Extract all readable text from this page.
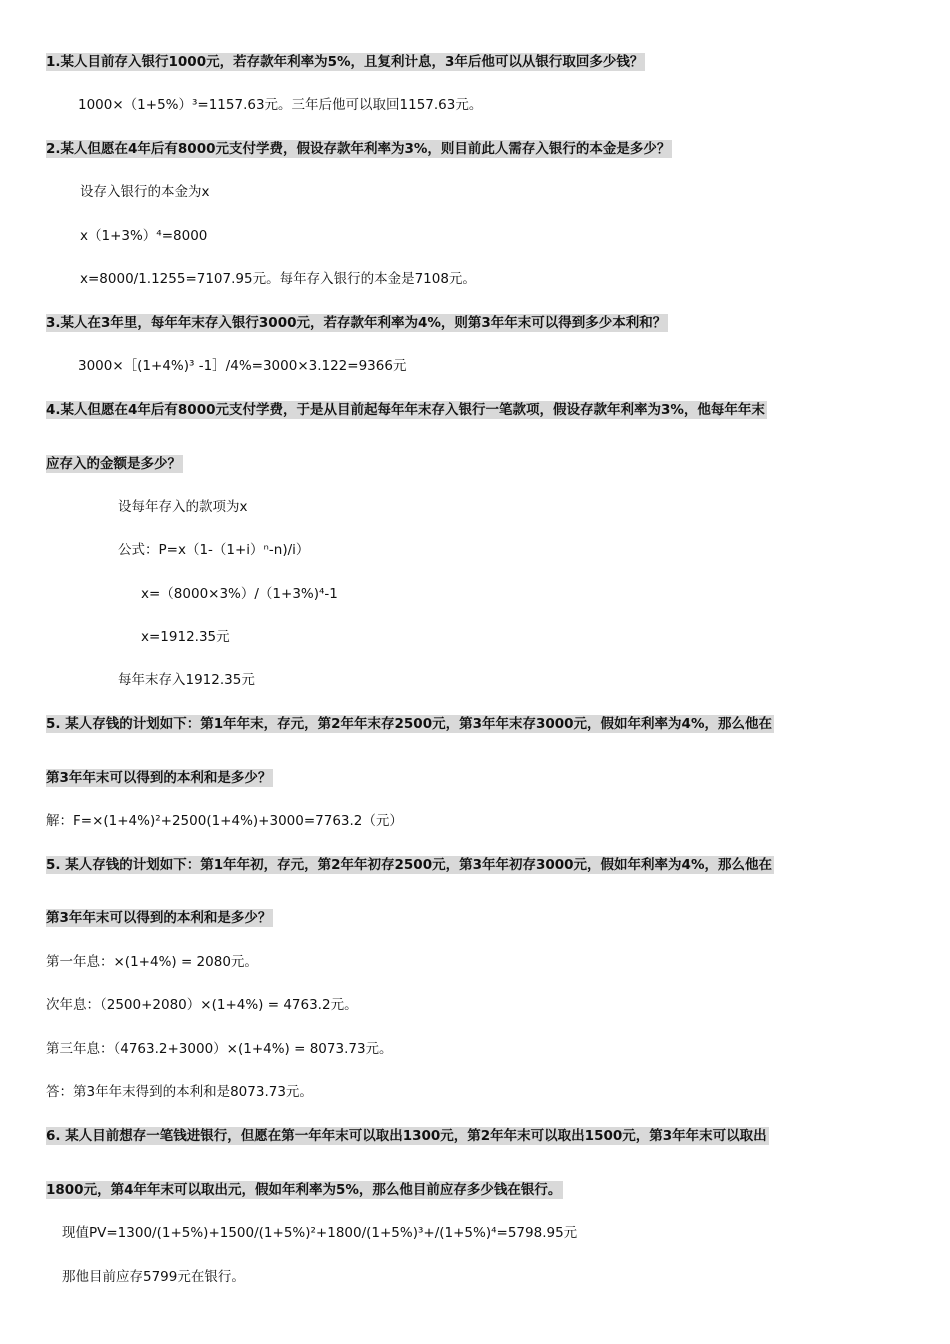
1.某人目前存入银行1000元，若存款年利率为5%，且复利计息，3年后他可以从银行取回多少钱？
1000×（1+5%）³=1157.63元。三年后他可以取回1157.63元。
2.某人但愿在4年后有8000元支付学费，假设存款年利率为3%，则目前此人需存入银行的本金是多少？
设存入银行的本金为x
x（1+3%）⁴=8000
x=8000/1.1255=7107.95元。每年存入银行的本金是7108元。
3.某人在3年里，每年年末存入银行3000元，若存款年利率为4%，则第3年年末可以得到多少本利和？
3000×［(1+4%)³ -1］/4%=3000×3.122=9366元
4.某人但愿在4年后有8000元支付学费，于是从目前起每年年末存入银行一笔款项，假设存款年利率为3%，他每年年末
应存入的金额是多少？
设每年存入的款项为x
公式：P=x（1-（1+i）ⁿ-n)/i）
x=（8000×3%）/（1+3%)⁴-1
x=1912.35元
每年末存入1912.35元
5. 某人存钱的计划如下：第1年年末，存元，第2年年末存2500元，第3年年末存3000元，假如年利率为4%，那么他在
第3年年末可以得到的本利和是多少？
解：F=×(1+4%)²+2500(1+4%)+3000=7763.2（元）
5. 某人存钱的计划如下：第1年年初，存元，第2年年初存2500元，第3年年初存3000元，假如年利率为4%，那么他在
第3年年末可以得到的本利和是多少？
第一年息：×(1+4%) = 2080元。
次年息：（2500+2080）×(1+4%) = 4763.2元。
第三年息：（4763.2+3000）×(1+4%) = 8073.73元。
答：第3年年末得到的本利和是8073.73元。
6. 某人目前想存一笔钱进银行，但愿在第一年年末可以取出1300元，第2年年末可以取出1500元，第3年年末可以取出
1800元，第4年年末可以取出元，假如年利率为5%，那么他目前应存多少钱在银行。
现值PV=1300/(1+5%)+1500/(1+5%)²+1800/(1+5%)³+/(1+5%)⁴=5798.95元
那他目前应存5799元在银行。
